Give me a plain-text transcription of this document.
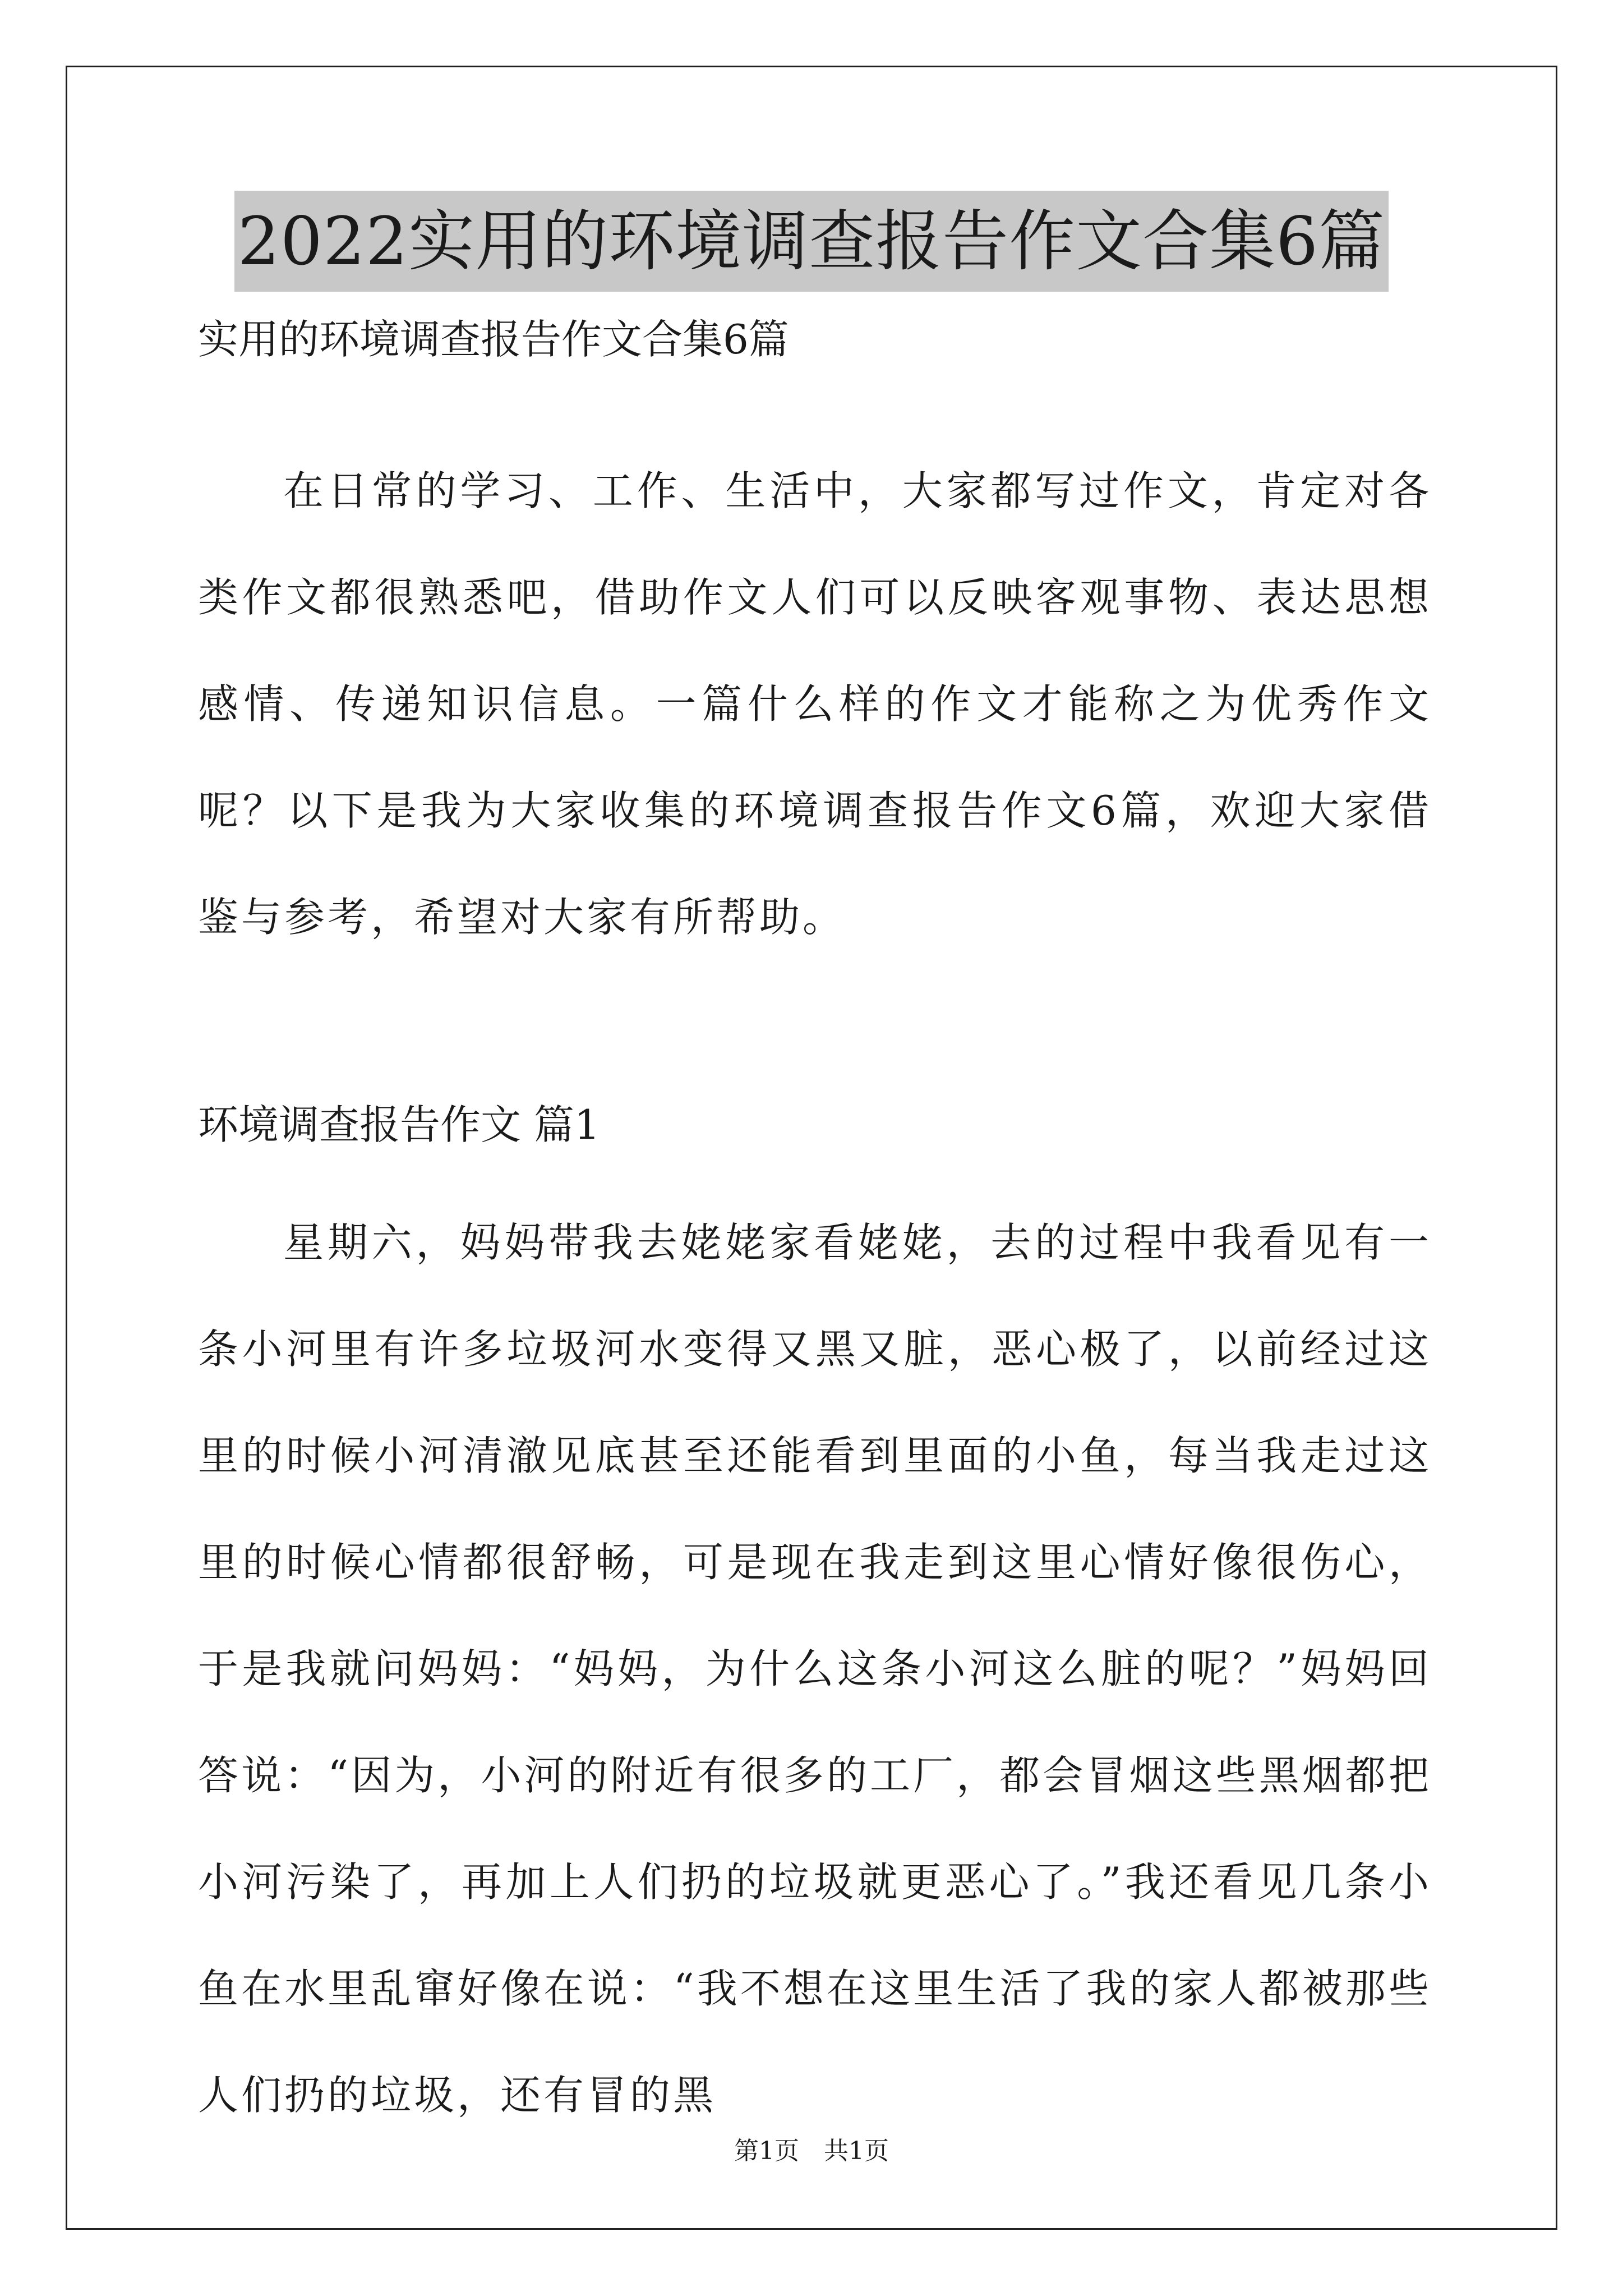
2022实用的环境调查报告作文合集6篇
实用的环境调查报告作文合集6篇

在日常的学习、工作、生活中，大家都写过作文，肯定对各类作文都很熟悉吧，借助作文人们可以反映客观事物、表达思想感情、传递知识信息。一篇什么样的作文才能称之为优秀作文呢？以下是我为大家收集的环境调查报告作文6篇，欢迎大家借鉴与参考，希望对大家有所帮助。

环境调查报告作文 篇1

星期六，妈妈带我去姥姥家看姥姥，去的过程中我看见有一条小河里有许多垃圾河水变得又黑又脏，恶心极了，以前经过这里的时候小河清澈见底甚至还能看到里面的小鱼，每当我走过这里的时候心情都很舒畅，可是现在我走到这里心情好像很伤心，于是我就问妈妈：“妈妈，为什么这条小河这么脏的呢？”妈妈回答说：“因为，小河的附近有很多的工厂，都会冒烟这些黑烟都把小河污染了，再加上人们扔的垃圾就更恶心了。”我还看见几条小鱼在水里乱窜好像在说：“我不想在这里生活了我的家人都被那些人们扔的垃圾，还有冒的黑

第1页　共1页
